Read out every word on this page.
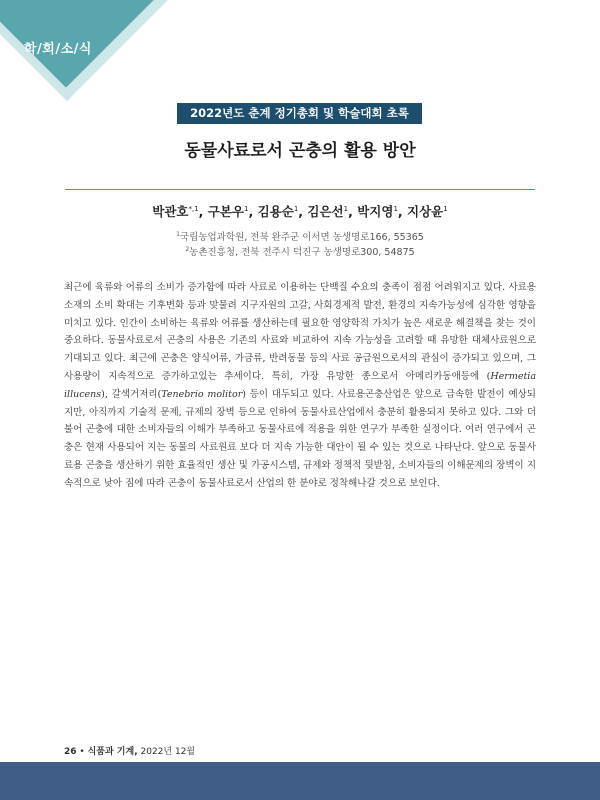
학/회/소/식
2022년도 춘계 정기총회 및 학술대회 초록
동물사료로서 곤충의 활용 방안
박관호$^{*,1}$, 구본우$^1$, 김용순$^1$, 김은선$^1$, 박지영$^1$, 지상윤$^1$
$^1$국립농업과학원, 전북 완주군 이서면 농생명로166, 55365
$^2$농촌진흥청, 전북 전주시 덕진구 농생명로300, 54875

최근에 육류와 어류의 소비가 증가함에 따라 사료로 이용하는 단백질 수요의 충족이 점점 어려워지고 있다. 사료용 소재의 소비 확대는 기후변화 등과 맞물려 지구자원의 고갈, 사회경제적 발전, 환경의 지속가능성에 심각한 영향을 미치고 있다. 인간이 소비하는 육류와 어류를 생산하는데 필요한 영양학적 가치가 높은 새로운 해결책을 찾는 것이 중요하다. 동물사료로서 곤충의 사용은 기존의 사료와 비교하여 지속 가능성을 고려할 때 유망한 대체사료원으로 기대되고 있다. 최근에 곤충은 양식어류, 가금류, 반려동물 등의 사료 공급원으로서의 관심이 증가되고 있으며, 그 사용량이 지속적으로 증가하고있는 추세이다. 특히, 가장 유망한 종으로서 아메리카동애등에 (Hermetia illucens), 갈색거저리(Tenebrio molitor) 등이 대두되고 있다. 사료용곤충산업은 앞으로 급속한 발전이 예상되지만, 아직까지 기술적 문제, 규제의 장벽 등으로 인하여 동물사료산업에서 충분히 활용되지 못하고 있다. 그와 더불어 곤충에 대한 소비자들의 이해가 부족하고 동물사료에 적용을 위한 연구가 부족한 실정이다. 여러 연구에서 곤충은 현재 사용되어 지는 동물의 사료원료 보다 더 지속 가능한 대안이 될 수 있는 것으로 나타난다. 앞으로 동물사료용 곤충을 생산하기 위한 효율적인 생산 및 가공시스템, 규제와 정책적 뒷받침, 소비자들의 이해문제의 장벽이 지속적으로 낮아 짐에 따라 곤충이 동물사료로서 산업의 한 분야로 정착해나갈 것으로 보인다.

26 • 식품과 기계, 2022년 12월
